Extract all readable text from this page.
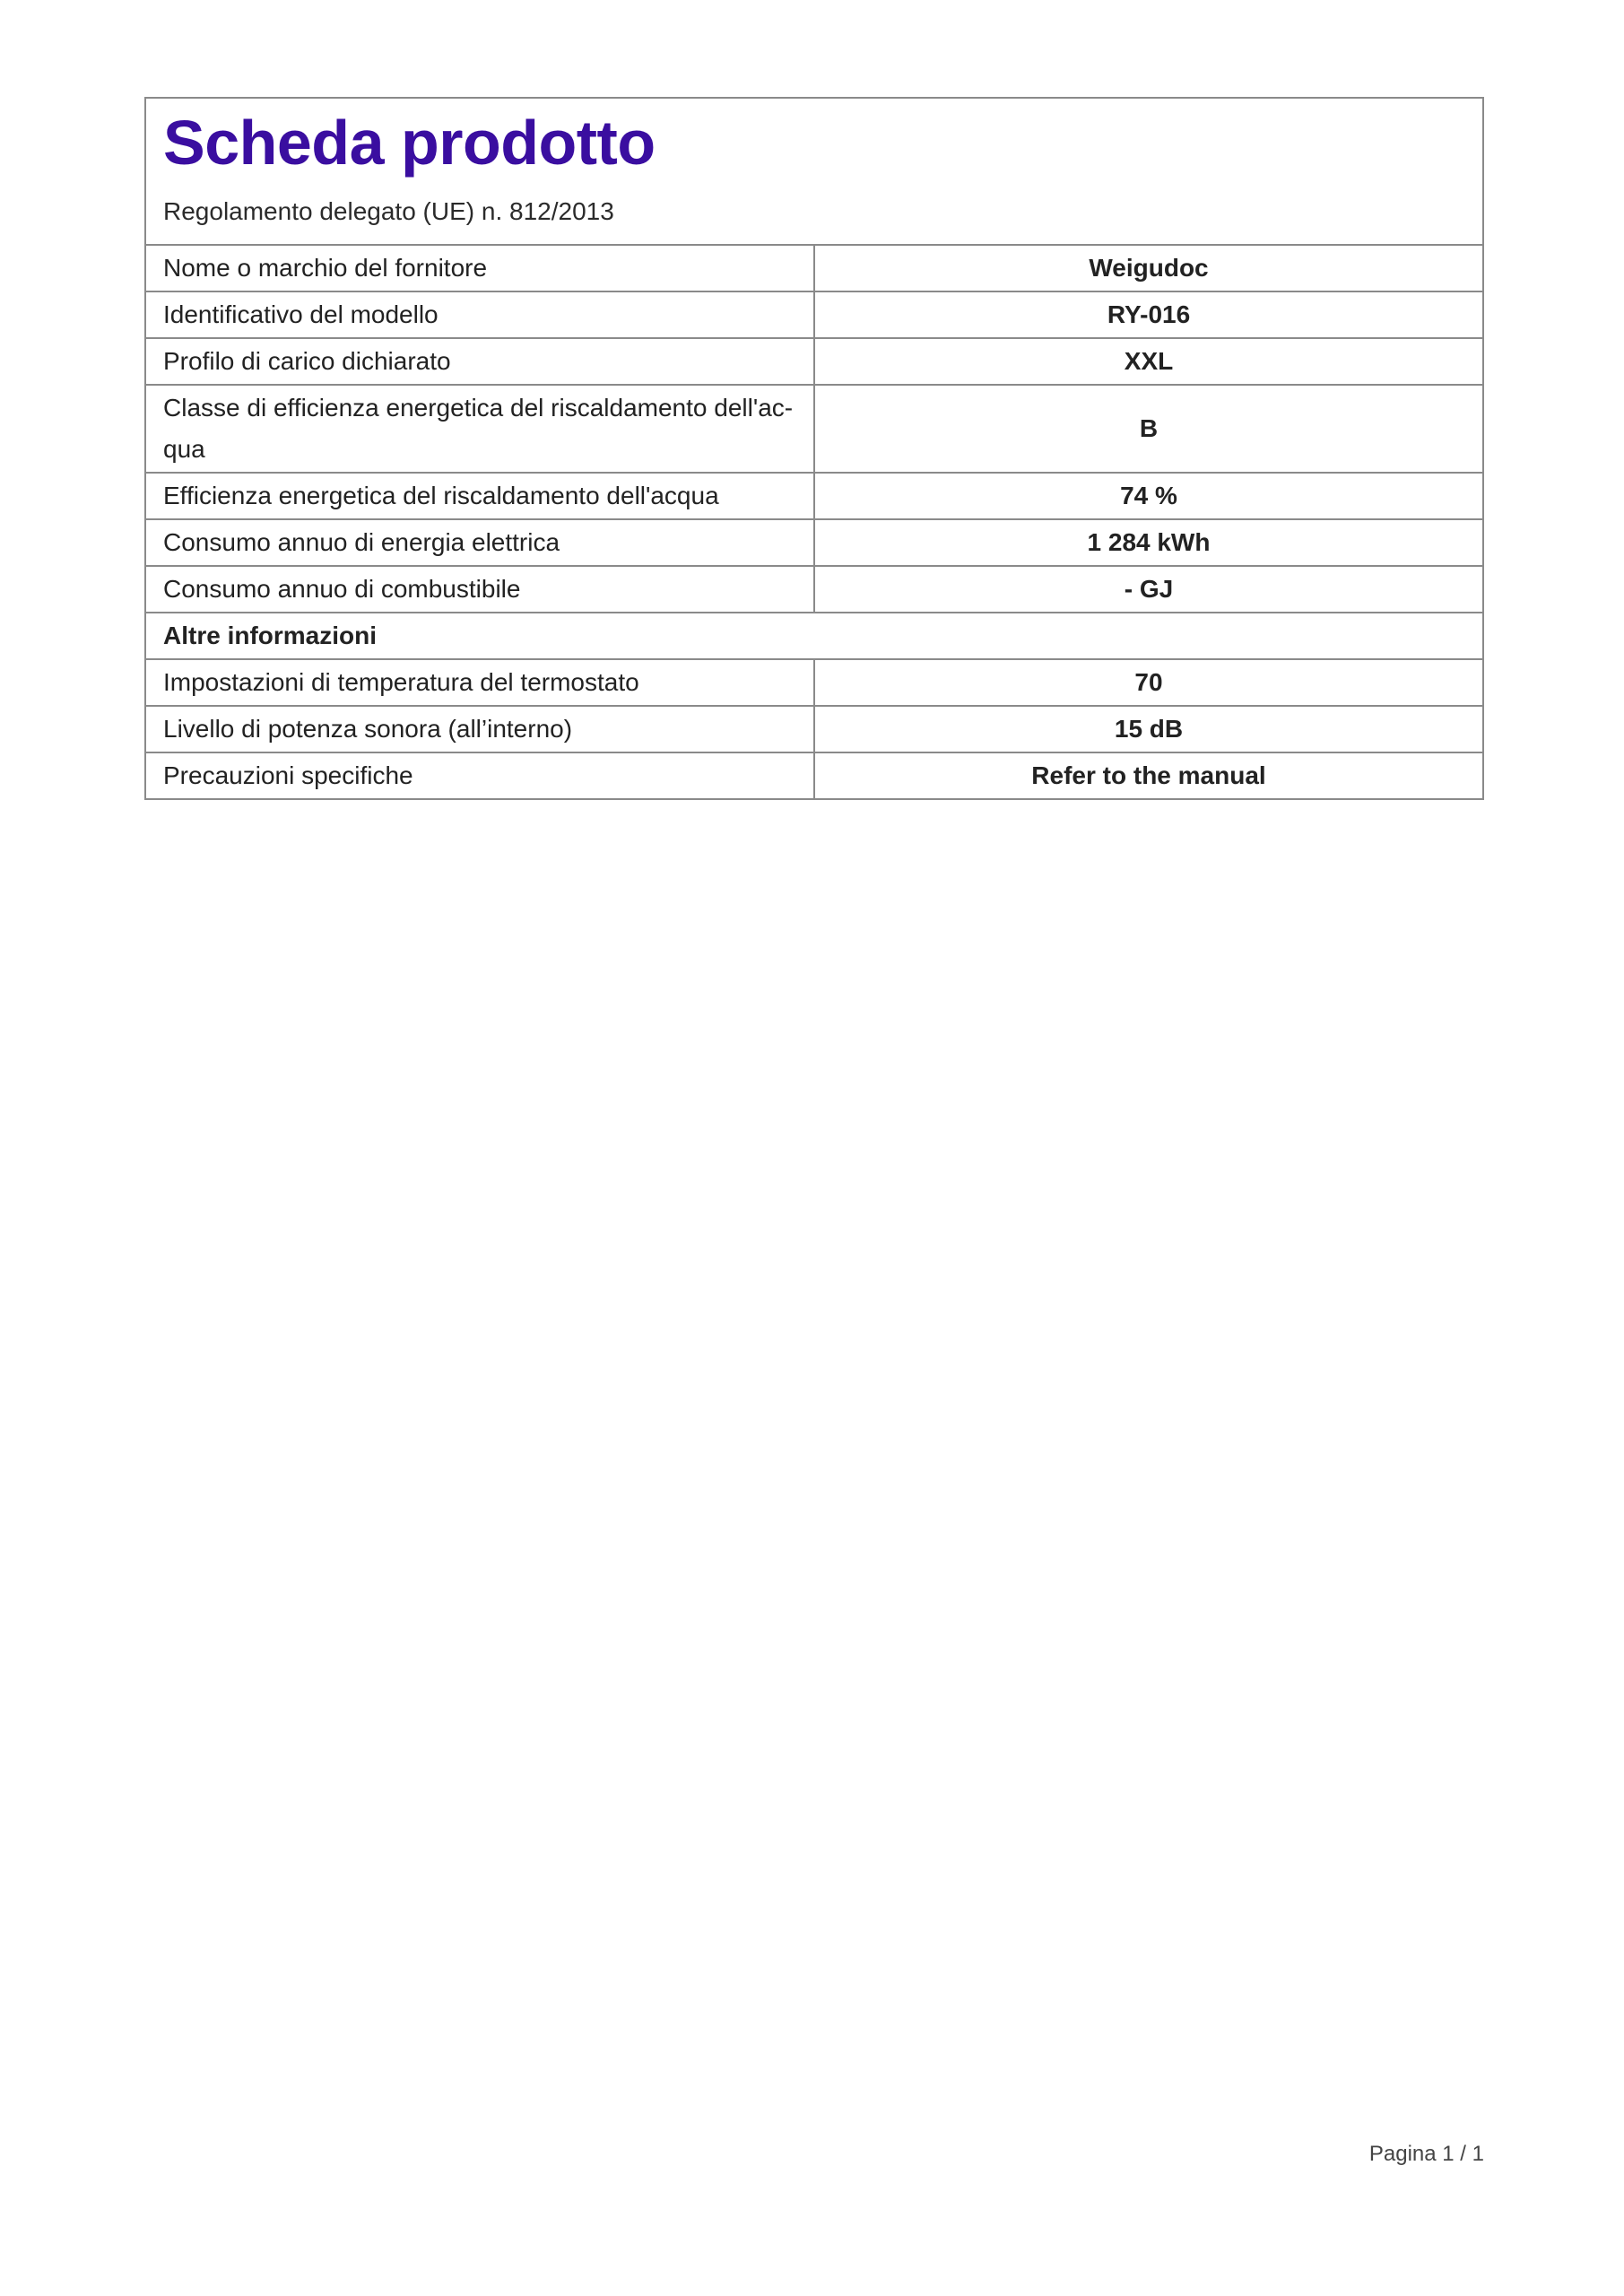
Scheda prodotto
Regolamento delegato (UE) n. 812/2013
Nome o marchio del fornitore	Weigudoc
Identificativo del modello	RY-016
Profilo di carico dichiarato	XXL
Classe di efficienza energetica del riscaldamento dell'ac-qua	B
Efficienza energetica del riscaldamento dell'acqua	74 %
Consumo annuo di energia elettrica	1 284 kWh
Consumo annuo di combustibile	- GJ
Altre informazioni	
Impostazioni di temperatura del termostato	70
Livello di potenza sonora (all’interno)	15 dB
Precauzioni specifiche	Refer to the manual
Pagina 1 / 1
